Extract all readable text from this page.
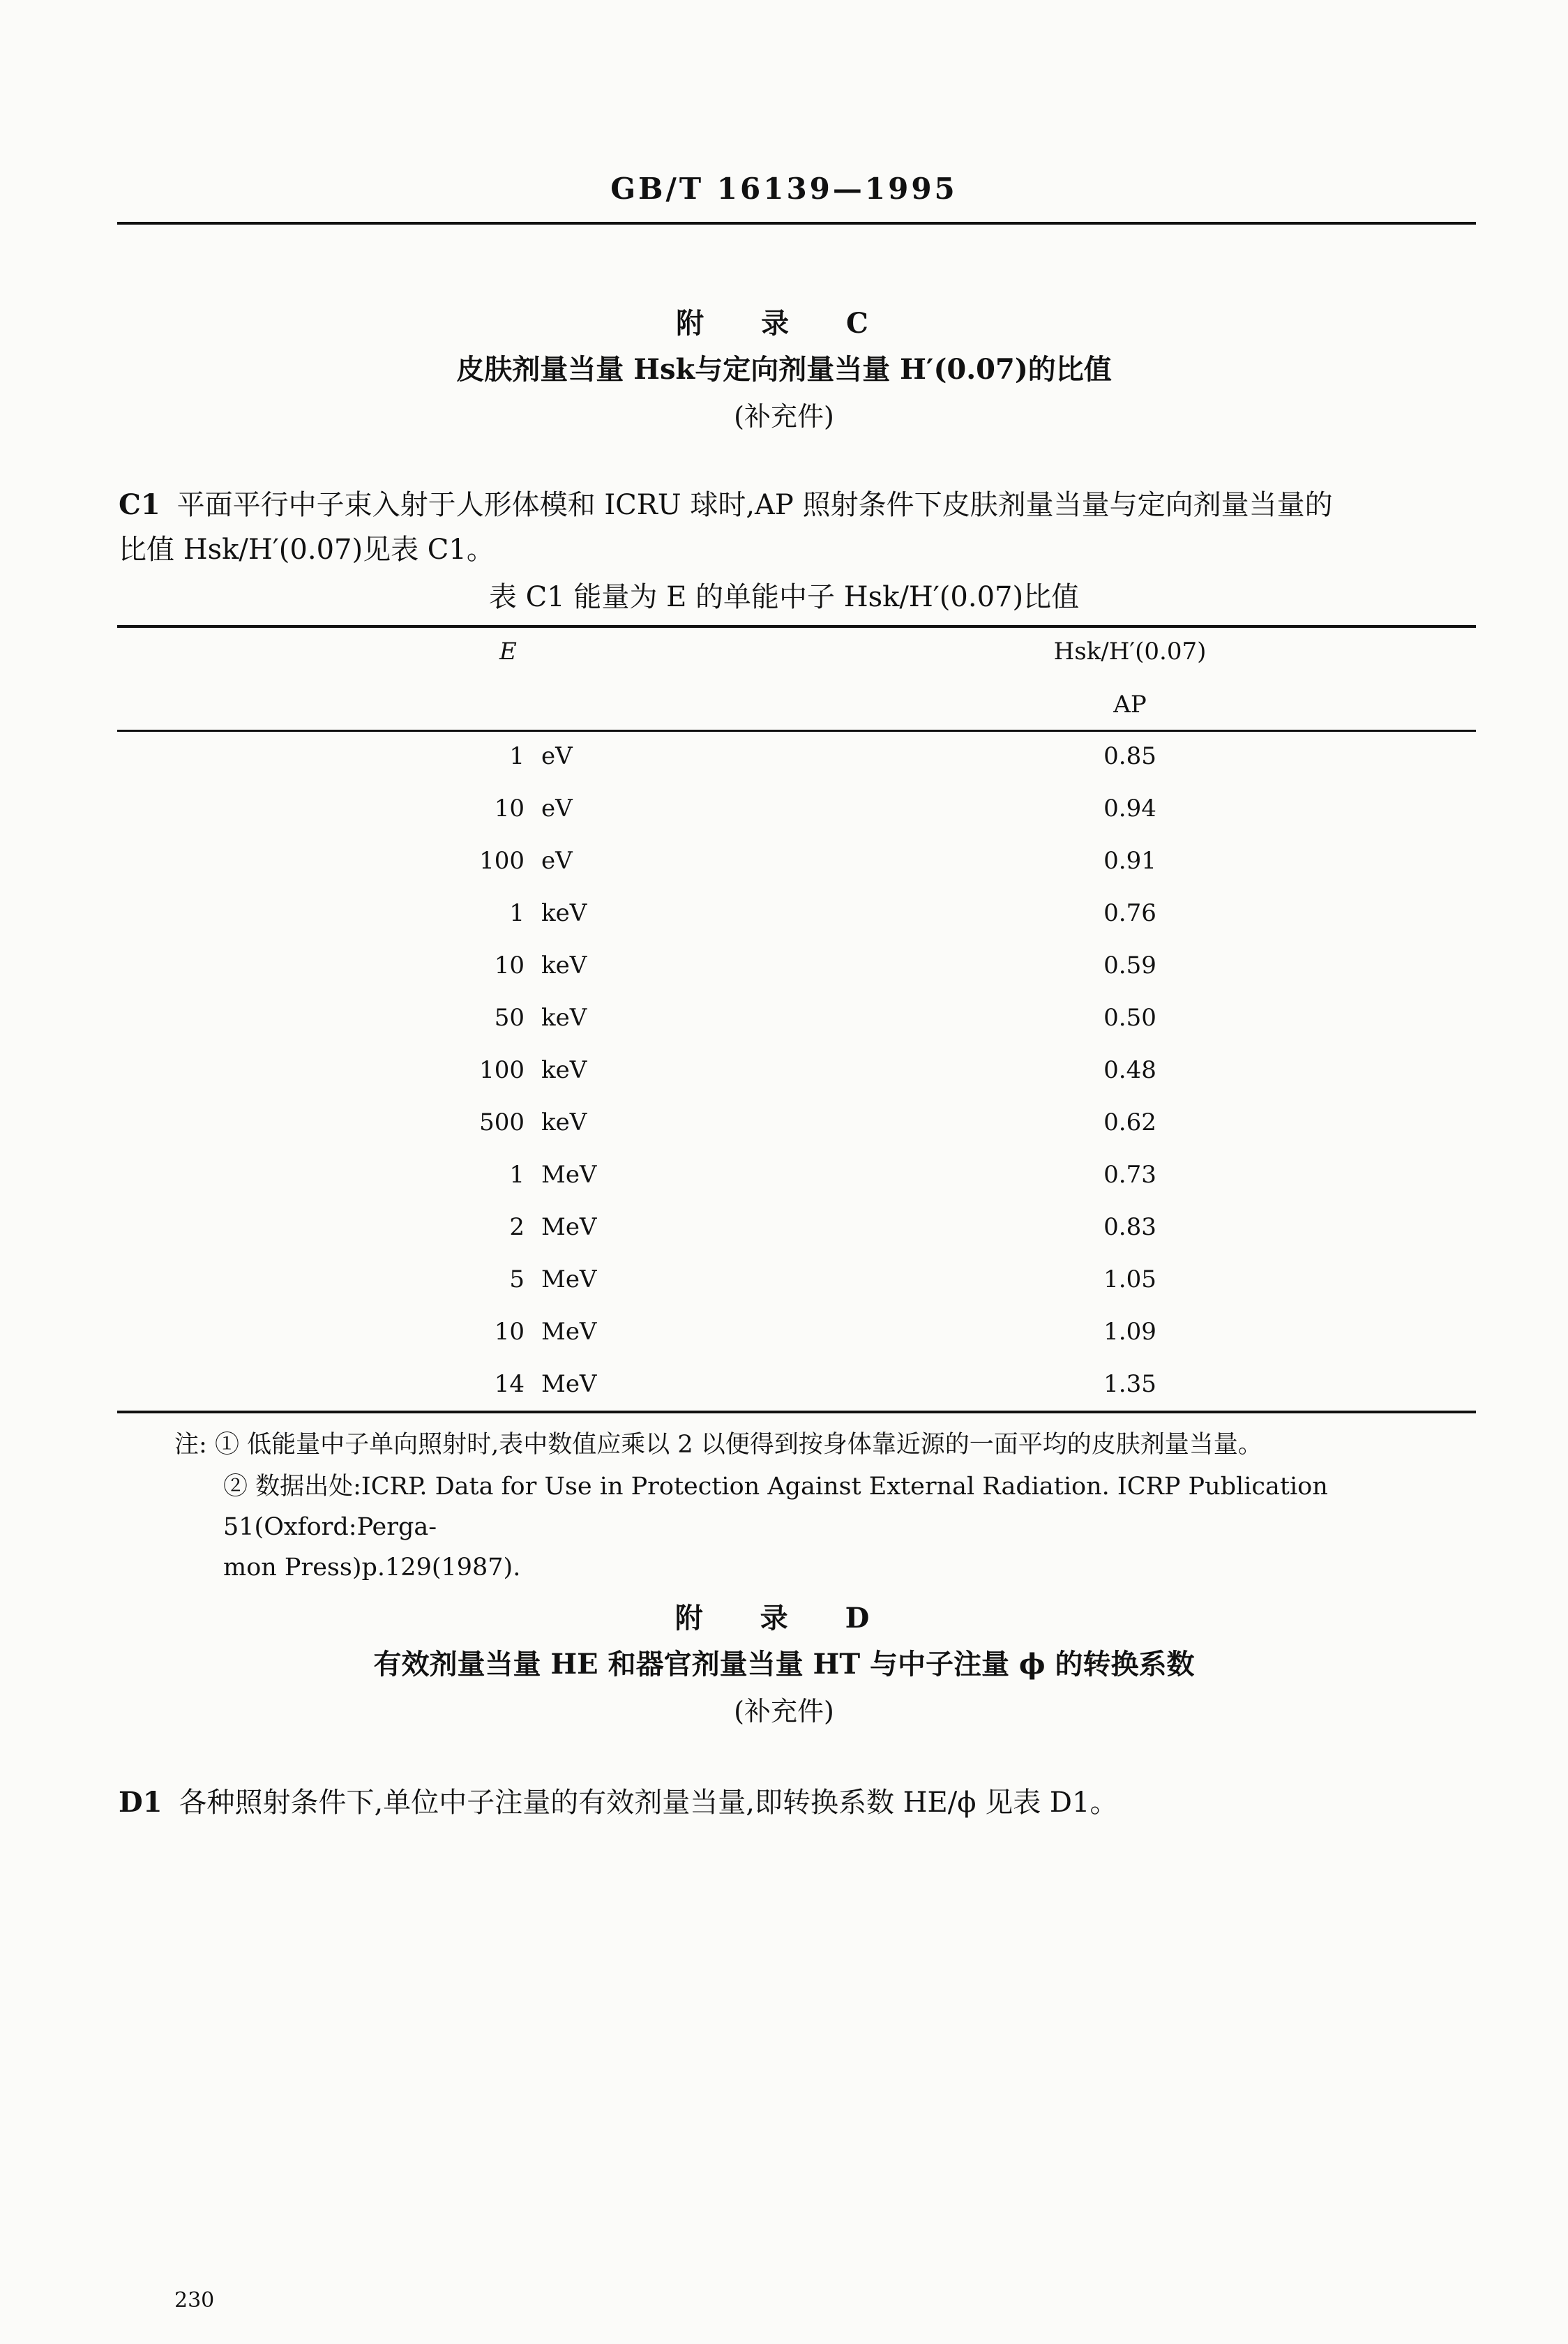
GB/T 16139—1995
附 录 C
皮肤剂量当量 Hsk与定向剂量当量 H′(0.07)的比值
(补充件)
C1 平面平行中子束入射于人形体模和 ICRU 球时,AP 照射条件下皮肤剂量当量与定向剂量当量的
比值 Hsk/H′(0.07)见表 C1。
表 C1 能量为 E 的单能中子 Hsk/H′(0.07)比值
E	Hsk/H′(0.07)
AP
1 eV	0.85
10 eV	0.94
100 eV	0.91
1 keV	0.76
10 keV	0.59
50 keV	0.50
100 keV	0.48
500 keV	0.62
1 MeV	0.73
2 MeV	0.83
5 MeV	1.05
10 MeV	1.09
14 MeV	1.35
注: ① 低能量中子单向照射时,表中数值应乘以 2 以便得到按身体靠近源的一面平均的皮肤剂量当量。
② 数据出处:ICRP. Data for Use in Protection Against External Radiation. ICRP Publication 51(Oxford:Perga-
mon Press)p.129(1987).
附 录 D
有效剂量当量 HE 和器官剂量当量 HT 与中子注量 ϕ 的转换系数
(补充件)
D1 各种照射条件下,单位中子注量的有效剂量当量,即转换系数 HE/ϕ 见表 D1。
230
